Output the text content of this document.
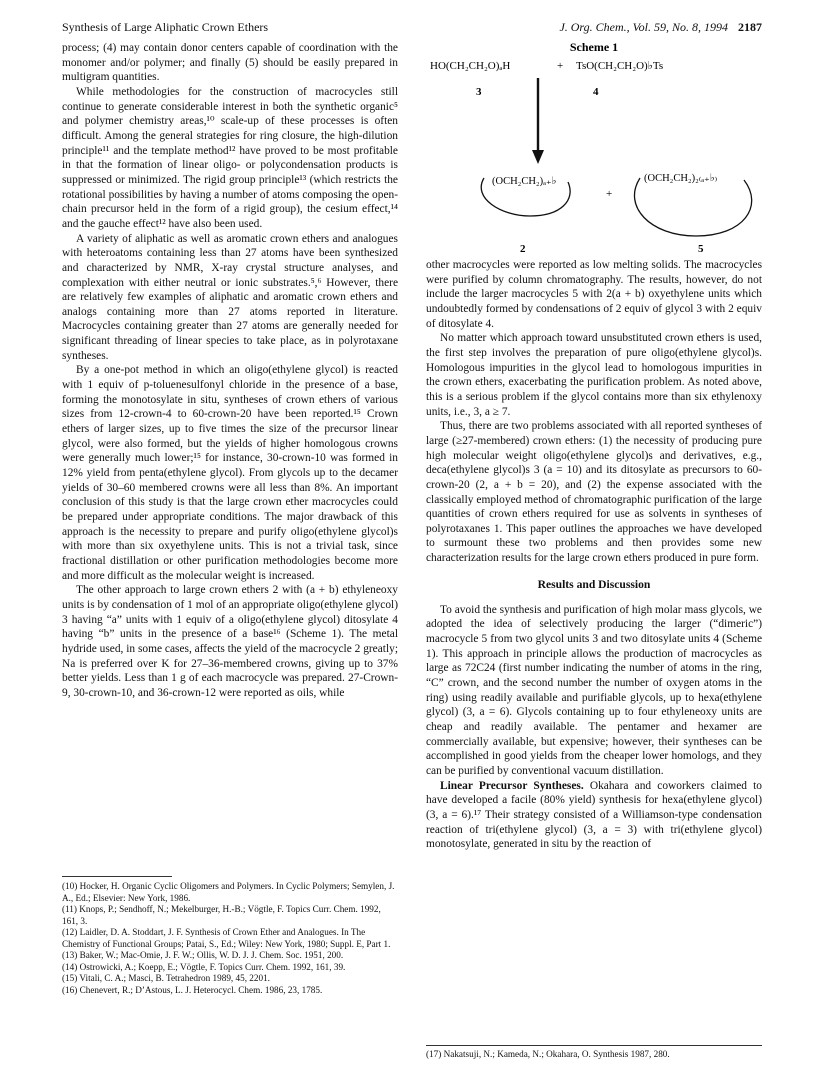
Synthesis of Large Aliphatic Crown Ethers	J. Org. Chem., Vol. 59, No. 8, 1994 2187

process; (4) may contain donor centers capable of coordination with the monomer and/or polymer; and finally (5) should be easily prepared in multigram quantities.

While methodologies for the construction of macrocycles still continue to generate considerable interest in both the synthetic organic⁵ and polymer chemistry areas,¹⁰ scale-up of these processes is often difficult. Among the general strategies for ring closure, the high-dilution principle¹¹ and the template method¹² have proved to be most profitable in that the formation of linear oligo- or polycondensation products is suppressed or minimized. The rigid group principle¹³ (which restricts the rotational possibilities by having a number of atoms composing the open-chain precursor held in the form of a rigid group), the cesium effect,¹⁴ and the gauche effect¹² have also been used.

A variety of aliphatic as well as aromatic crown ethers and analogues with heteroatoms containing less than 27 atoms have been synthesized and characterized by NMR, X-ray crystal structure analyses, and complexation with either neutral or ionic substrates.⁵,⁶ However, there are relatively few examples of aliphatic and aromatic crown ethers and analogs containing more than 27 atoms reported in literature. Macrocycles containing greater than 27 atoms are generally needed for significant threading of linear species to take place, as in polyrotaxane syntheses.

By a one-pot method in which an oligo(ethylene glycol) is reacted with 1 equiv of p-toluenesulfonyl chloride in the presence of a base, forming the monotosylate in situ, syntheses of crown ethers of various sizes from 12-crown-4 to 60-crown-20 have been reported.¹⁵ Crown ethers of larger sizes, up to five times the size of the precursor linear glycol, were also formed, but the yields of higher homologous crowns were generally much lower;¹⁵ for instance, 30-crown-10 was formed in 12% yield from penta(ethylene glycol). From glycols up to the decamer yields of 30–60 membered crowns were all less than 8%. An important conclusion of this study is that the large crown ether macrocycles could be prepared under appropriate conditions. The major drawback of this approach is the necessity to prepare and purify oligo(ethylene glycol)s with more than six oxyethylene units. This is not a trivial task, since fractional distillation or other purification methodologies become more and more difficult as the molecular weight is increased.

The other approach to large crown ethers 2 with (a + b) ethyleneoxy units is by condensation of 1 mol of an appropriate oligo(ethylene glycol) 3 having “a” units with 1 equiv of a oligo(ethylene glycol) ditosylate 4 having “b” units in the presence of a base¹⁶ (Scheme 1). The metal hydride used, in some cases, affects the yield of the macrocycle 2 greatly; Na is preferred over K for 27–36-membered crowns, giving up to 37% better yields. Less than 1 g of each macrocycle was prepared. 27-Crown-9, 30-crown-10, and 36-crown-12 were reported as oils, while

(10) Hocker, H. Organic Cyclic Oligomers and Polymers. In Cyclic Polymers; Semylen, J. A., Ed.; Elsevier: New York, 1986.
(11) Knops, P.; Sendhoff, N.; Mekelburger, H.-B.; Vögtle, F. Topics Curr. Chem. 1992, 161, 3.
(12) Laidler, D. A. Stoddart, J. F. Synthesis of Crown Ether and Analogues. In The Chemistry of Functional Groups; Patai, S., Ed.; Wiley: New York, 1980; Suppl. E, Part 1.
(13) Baker, W.; Mac-Omie, J. F. W.; Ollis, W. D. J. J. Chem. Soc. 1951, 200.
(14) Ostrowicki, A.; Koepp, E.; Vögtle, F. Topics Curr. Chem. 1992, 161, 39.
(15) Vitali, C. A.; Masci, B. Tetrahedron 1989, 45, 2201.
(16) Chenevert, R.; D’Astous, L. J. Heterocycl. Chem. 1986, 23, 1785.
Scheme 1
HO(CH₂CH₂O)ₐH	+ TsO(CH₂CH₂O)♭Ts
3	4
(OCH₂CH₂)ₐ₊♭
+
(OCH₂CH₂)₂₍ₐ₊♭₎
2	5

other macrocycles were reported as low melting solids. The macrocycles were purified by column chromatography. The results, however, do not include the larger macrocycles 5 with 2(a + b) oxyethylene units which undoubtedly formed by condensations of 2 equiv of glycol 3 with 2 equiv of ditosylate 4.

No matter which approach toward unsubstituted crown ethers is used, the first step involves the preparation of pure oligo(ethylene glycol)s. Homologous impurities in the glycol lead to homologous impurities in the crown ethers, exacerbating the purification problem. As noted above, this is a serious problem if the glycol contains more than six ethylenoxy units, i.e., 3, a ≥ 7.

Thus, there are two problems associated with all reported syntheses of large (≥27-membered) crown ethers: (1) the necessity of producing pure high molecular weight oligo(ethylene glycol)s and derivatives, e.g., deca(ethylene glycol)s 3 (a = 10) and its ditosylate as precursors to 60-crown-20 (2, a + b = 20), and (2) the expense associated with the classically employed method of chromatographic purification of the large quantities of crown ethers required for use as solvents in syntheses of polyrotaxanes 1. This paper outlines the approaches we have developed to surmount these two problems and then provides some new characterization results for the large crown ethers produced in pure form.

Results and Discussion

To avoid the synthesis and purification of high molar mass glycols, we adopted the idea of selectively producing the larger (“dimeric”) macrocycle 5 from two glycol units 3 and two ditosylate units 4 (Scheme 1). This approach in principle allows the production of macrocycles as large as 72C24 (first number indicating the number of atoms in the ring, “C” crown, and the second number the number of oxygen atoms in the ring) using readily available and purifiable glycols, up to hexa(ethylene glycol) (3, a = 6). Glycols containing up to four ethyleneoxy units are cheap and readily available. The pentamer and hexamer are commercially available, but expensive; however, their syntheses can be accomplished in good yields from the cheaper lower homologs, and they can be purified by conventional vacuum distillation.

Linear Precursor Syntheses. Okahara and coworkers claimed to have developed a facile (80% yield) synthesis for hexa(ethylene glycol) (3, a = 6).¹⁷ Their strategy consisted of a Williamson-type condensation reaction of tri(ethylene glycol) (3, a = 3) with tri(ethylene glycol) monotosylate, generated in situ by the reaction of

(17) Nakatsuji, N.; Kameda, N.; Okahara, O. Synthesis 1987, 280.
